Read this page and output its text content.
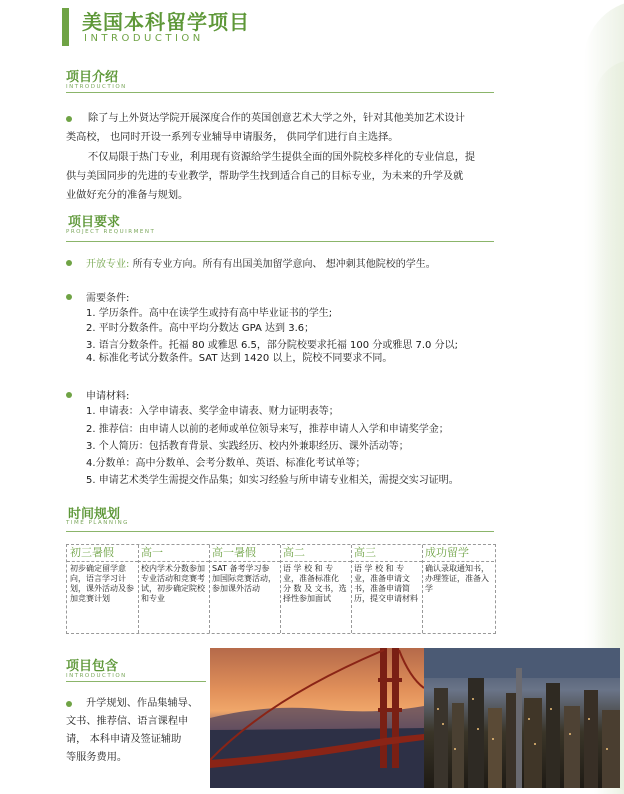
美国本科留学项目
INTRODUCTION
项目介绍
INTRODUCTION
除了与上外贤达学院开展深度合作的英国创意艺术大学之外，针对其他美加艺术设计
类高校， 也同时开设一系列专业辅导申请服务， 供同学们进行自主选择。
不仅局限于热门专业，利用现有资源给学生提供全面的国外院校多样化的专业信息，提
供与美国同步的先进的专业教学，帮助学生找到适合自己的目标专业，为未来的升学及就
业做好充分的准备与规划。
项目要求
PROJECT REQUIRMENT
开放专业: 所有专业方向。所有有出国美加留学意向、 想冲刺其他院校的学生。
需要条件:
1. 学历条件。高中在读学生或持有高中毕业证书的学生;
2. 平时分数条件。高中平均分数达 GPA 达到 3.6；
3. 语言分数条件。托福 80 或雅思 6.5，部分院校要求托福 100 分或雅思 7.0 分以;
4. 标准化考试分数条件。SAT 达到 1420 以上，院校不同要求不同。
申请材料:
1. 申请表：入学申请表、奖学金申请表、财力证明表等；
2. 推荐信：由申请人以前的老师或单位领导来写，推荐申请人入学和申请奖学金；
3. 个人简历：包括教育背景、实践经历、校内外兼职经历、课外活动等；
4.分数单：高中分数单、会考分数单、英语、标准化考试单等；
5. 申请艺术类学生需提交作品集；如实习经验与所申请专业相关，需提交实习证明。
时间规划
TIME PLANNING
初三暑假
初步确定留学意向，语言学习计划，课外活动及参加竞赛计划
高一
校内学术分数参加专业活动和竞赛考试，初步确定院校和专业
高一暑假
SAT 备考学习参加国际竞赛活动，参加课外活动
高二
语 学 校 和 专业，准备标准化 分 数 及 文书，选择性参加面试
高三
语 学 校 和 专业，准备申请文书，准备申请简历，提交申请材料
成功留学
确认录取通知书，办理签证，准备入学
项目包含
INTRODUCTION
升学规划、作品集辅导、
文书、推荐信、语言课程申
请， 本科申请及签证辅助
等服务费用。
